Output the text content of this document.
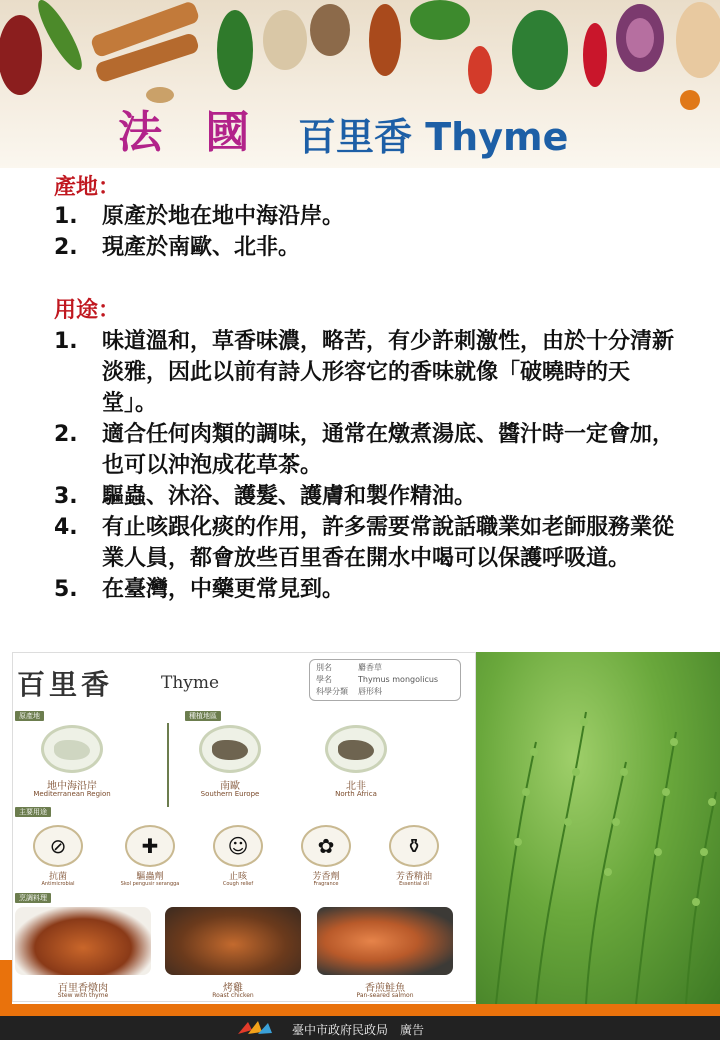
法 國 百里香 Thyme
產地：
1.	原產於地在地中海沿岸。
2.	現產於南歐、北非。
用途：
1.	味道溫和，草香味濃，略苦，有少許刺激性，由於十分清新淡雅，因此以前有詩人形容它的香味就像「破曉時的天堂」。
2.	適合任何肉類的調味，通常在燉煮湯底、醬汁時一定會加，也可以沖泡成花草茶。
3.	驅蟲、沐浴、護髮、護膚和製作精油。
4.	有止咳跟化痰的作用，許多需要常說話職業如老師服務業從業人員，都會放些百里香在開水中喝可以保護呼吸道。
5.	在臺灣，中藥更常見到。
百里香	Thyme
別名	麝香草
學名	Thymus mongolicus
科學分類	唇形科
原產地	種植地區
地中海沿岸
Mediterranean Region
南歐
Southern Europe
北非
North Africa
主要用途
⊘
抗菌
Antimicrobial
✚
驅蟲劑
Skol pengusir serangga
☺
止咳
Cough relief
✿
芳香劑
Fragrance
⚱
芳香精油
Essential oil
烹調料理
百里香燉肉
Stew with thyme
烤雞
Roast chicken
香煎鮭魚
Pan-seared salmon
臺中市政府民政局　廣告
